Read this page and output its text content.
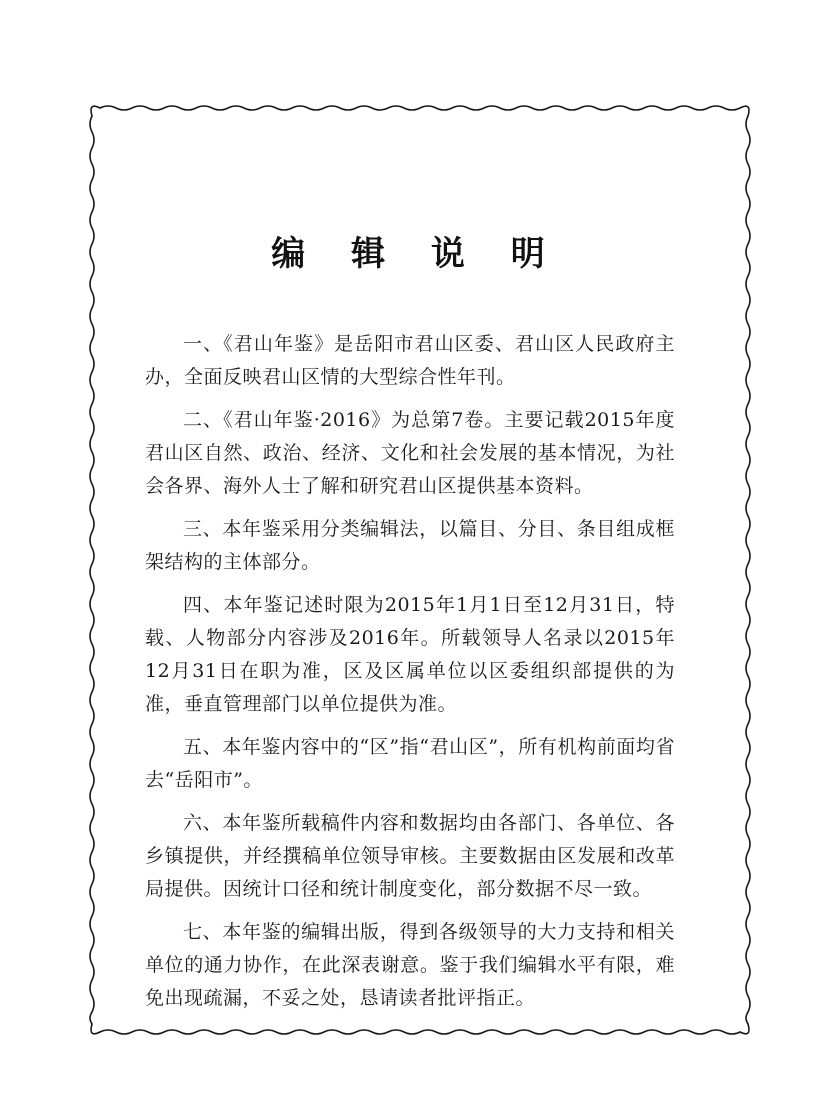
编 辑 说 明

一、《君山年鉴》是岳阳市君山区委、君山区人民政府主办，全面反映君山区情的大型综合性年刊。

二、《君山年鉴·2016》为总第7卷。主要记载2015年度君山区自然、政治、经济、文化和社会发展的基本情况，为社会各界、海外人士了解和研究君山区提供基本资料。

三、本年鉴采用分类编辑法，以篇目、分目、条目组成框架结构的主体部分。

四、本年鉴记述时限为2015年1月1日至12月31日，特载、人物部分内容涉及2016年。所载领导人名录以2015年12月31日在职为准，区及区属单位以区委组织部提供的为准，垂直管理部门以单位提供为准。

五、本年鉴内容中的“区”指“君山区”，所有机构前面均省去“岳阳市”。

六、本年鉴所载稿件内容和数据均由各部门、各单位、各乡镇提供，并经撰稿单位领导审核。主要数据由区发展和改革局提供。因统计口径和统计制度变化，部分数据不尽一致。

七、本年鉴的编辑出版，得到各级领导的大力支持和相关单位的通力协作，在此深表谢意。鉴于我们编辑水平有限，难免出现疏漏，不妥之处，恳请读者批评指正。
